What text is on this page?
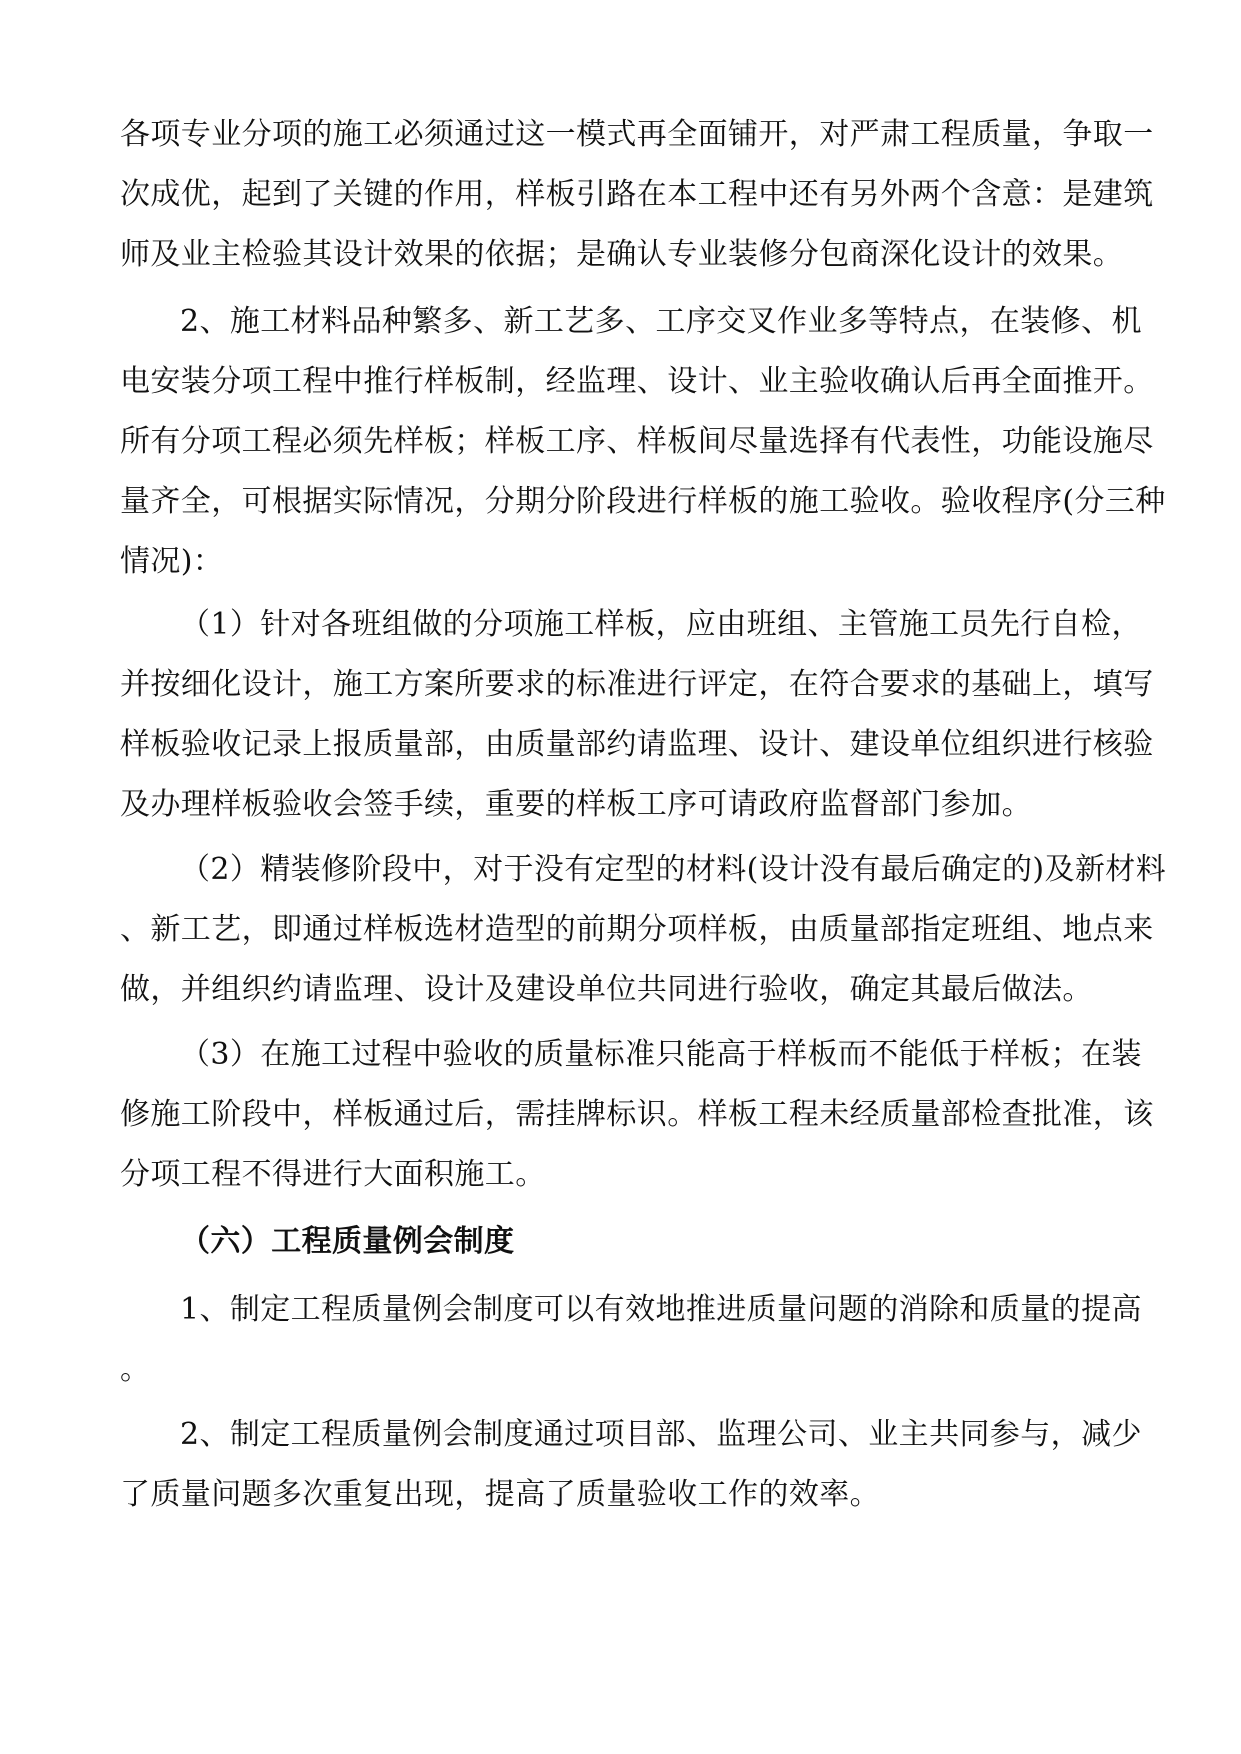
各项专业分项的施工必须通过这一模式再全面铺开，对严肃工程质量，争取一
次成优，起到了关键的作用，样板引路在本工程中还有另外两个含意：是建筑
师及业主检验其设计效果的依据；是确认专业装修分包商深化设计的效果。
2、施工材料品种繁多、新工艺多、工序交叉作业多等特点，在装修、机
电安装分项工程中推行样板制，经监理、设计、业主验收确认后再全面推开。
所有分项工程必须先样板；样板工序、样板间尽量选择有代表性，功能设施尽
量齐全，可根据实际情况，分期分阶段进行样板的施工验收。验收程序(分三种
情况)：
（1）针对各班组做的分项施工样板，应由班组、主管施工员先行自检，
并按细化设计，施工方案所要求的标准进行评定，在符合要求的基础上，填写
样板验收记录上报质量部，由质量部约请监理、设计、建设单位组织进行核验
及办理样板验收会签手续，重要的样板工序可请政府监督部门参加。
（2）精装修阶段中，对于没有定型的材料(设计没有最后确定的)及新材料
、新工艺，即通过样板选材造型的前期分项样板，由质量部指定班组、地点来
做，并组织约请监理、设计及建设单位共同进行验收，确定其最后做法。
（3）在施工过程中验收的质量标准只能高于样板而不能低于样板；在装
修施工阶段中，样板通过后，需挂牌标识。样板工程未经质量部检查批准，该
分项工程不得进行大面积施工。
（六）工程质量例会制度
1、制定工程质量例会制度可以有效地推进质量问题的消除和质量的提高
。
2、制定工程质量例会制度通过项目部、监理公司、业主共同参与，减少
了质量问题多次重复出现，提高了质量验收工作的效率。
